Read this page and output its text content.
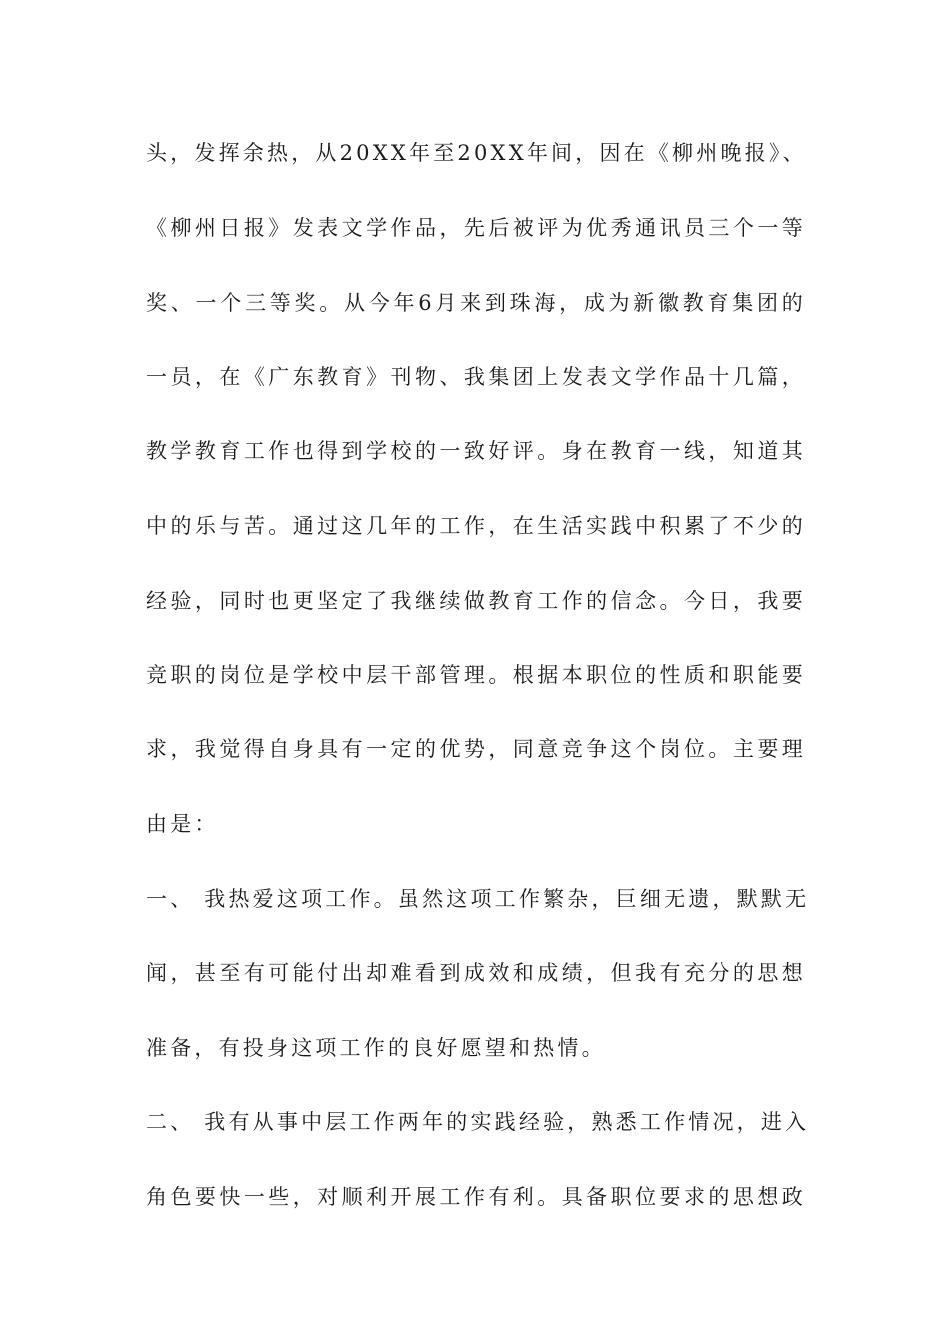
头，发挥余热，从20XX年至20XX年间，因在《柳州晚报》、
《柳州日报》发表文学作品，先后被评为优秀通讯员三个一等
奖、一个三等奖。从今年6月来到珠海，成为新徽教育集团的
一员，在《广东教育》刊物、我集团上发表文学作品十几篇，
教学教育工作也得到学校的一致好评。身在教育一线，知道其
中的乐与苦。通过这几年的工作，在生活实践中积累了不少的
经验，同时也更坚定了我继续做教育工作的信念。今日，我要
竞职的岗位是学校中层干部管理。根据本职位的性质和职能要
求，我觉得自身具有一定的优势，同意竞争这个岗位。主要理
由是：
一、 我热爱这项工作。虽然这项工作繁杂，巨细无遗，默默无
闻，甚至有可能付出却难看到成效和成绩，但我有充分的思想
准备，有投身这项工作的良好愿望和热情。
二、 我有从事中层工作两年的实践经验，熟悉工作情况，进入
角色要快一些，对顺利开展工作有利。具备职位要求的思想政
